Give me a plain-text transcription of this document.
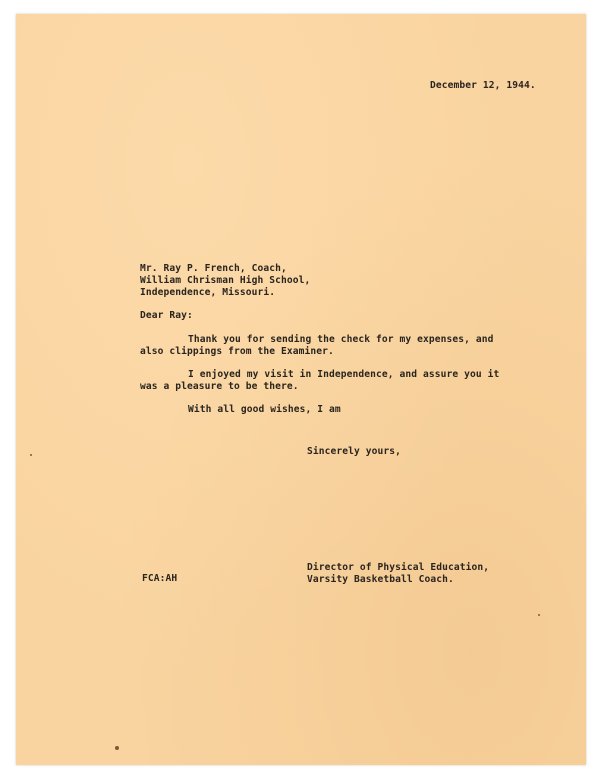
December 12, 1944.
Mr. Ray P. French, Coach,
William Chrisman High School,
Independence, Missouri.
Dear Ray:
Thank you for sending the check for my expenses, and
also clippings from the Examiner.
I enjoyed my visit in Independence, and assure you it
was a pleasure to be there.
With all good wishes, I am
Sincerely yours,
Director of Physical Education,
Varsity Basketball Coach.
FCA:AH
